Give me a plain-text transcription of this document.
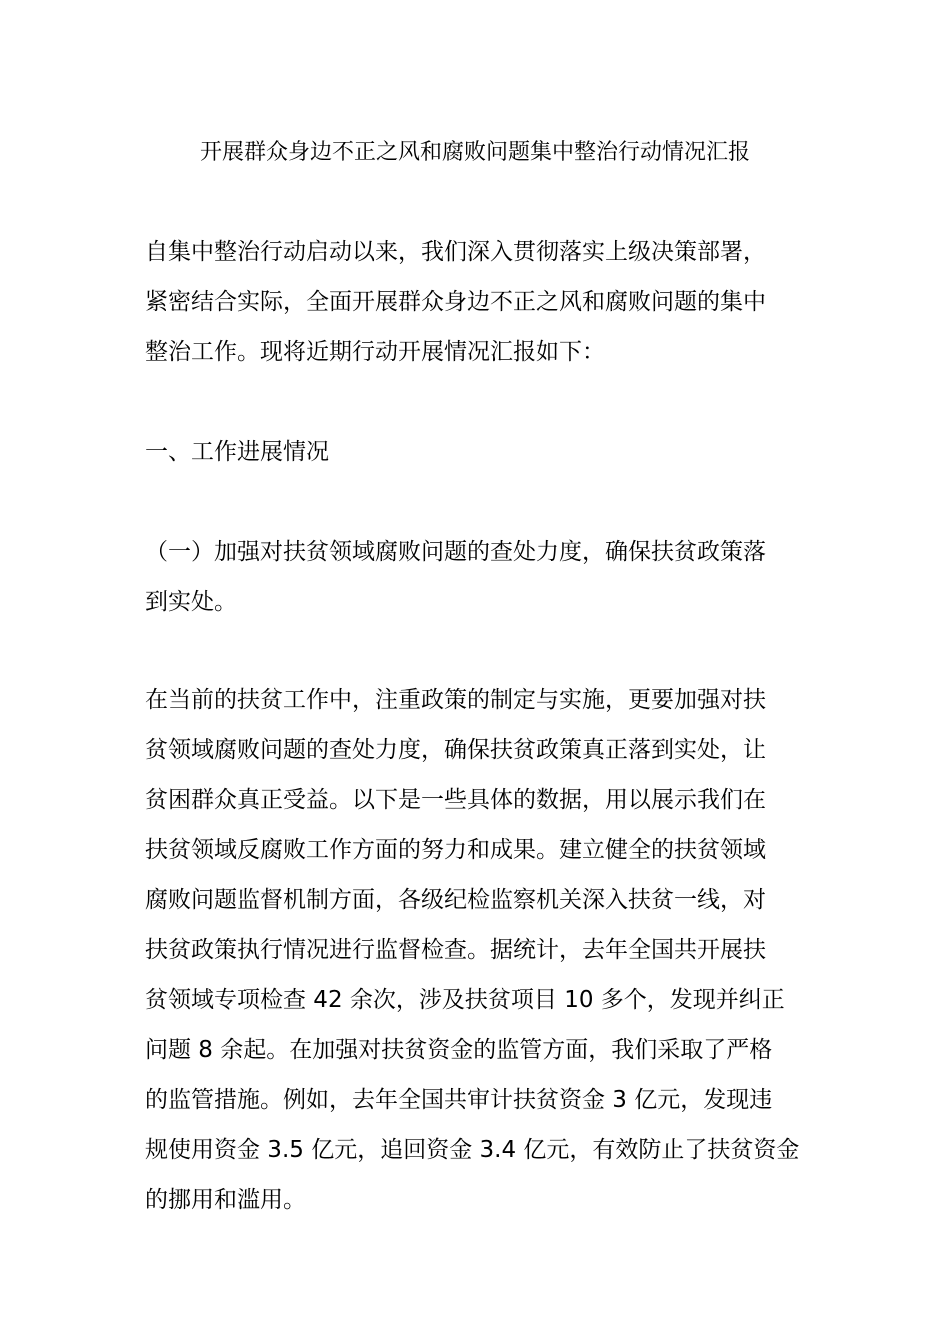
开展群众身边不正之风和腐败问题集中整治行动情况汇报
自集中整治行动启动以来，我们深入贯彻落实上级决策部署，
紧密结合实际，全面开展群众身边不正之风和腐败问题的集中
整治工作。现将近期行动开展情况汇报如下：
一、工作进展情况
（一）加强对扶贫领域腐败问题的查处力度，确保扶贫政策落
到实处。
在当前的扶贫工作中，注重政策的制定与实施，更要加强对扶
贫领域腐败问题的查处力度，确保扶贫政策真正落到实处，让
贫困群众真正受益。以下是一些具体的数据，用以展示我们在
扶贫领域反腐败工作方面的努力和成果。建立健全的扶贫领域
腐败问题监督机制方面，各级纪检监察机关深入扶贫一线，对
扶贫政策执行情况进行监督检查。据统计，去年全国共开展扶
贫领域专项检查 42 余次，涉及扶贫项目 10 多个，发现并纠正
问题 8 余起。在加强对扶贫资金的监管方面，我们采取了严格
的监管措施。例如，去年全国共审计扶贫资金 3 亿元，发现违
规使用资金 3.5 亿元，追回资金 3.4 亿元，有效防止了扶贫资金
的挪用和滥用。
